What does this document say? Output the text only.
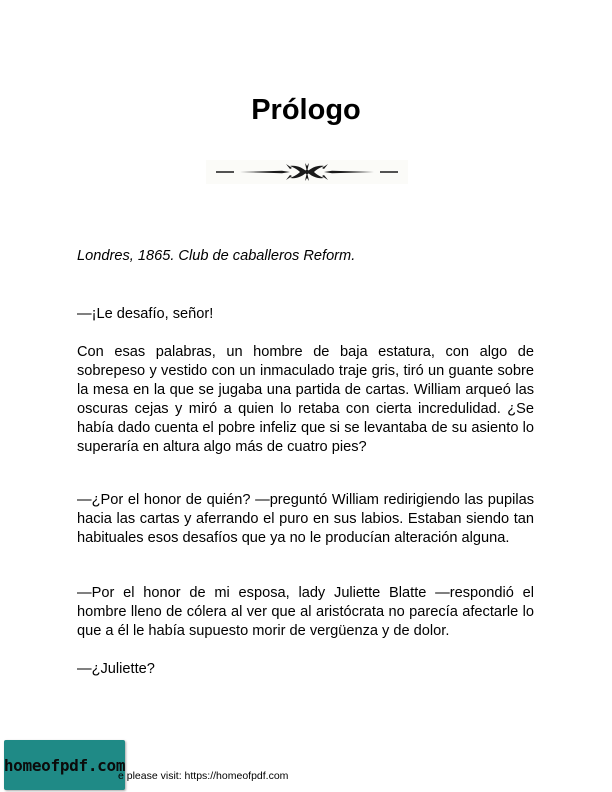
Prólogo

Londres, 1865. Club de caballeros Reform.

—¡Le desafío, señor!

Con esas palabras, un hombre de baja estatura, con algo de sobrepeso y vestido con un inmaculado traje gris, tiró un guante sobre la mesa en la que se jugaba una partida de cartas. William arqueó las oscuras cejas y miró a quien lo retaba con cierta incredulidad. ¿Se había dado cuenta el pobre infeliz que si se levantaba de su asiento lo superaría en altura algo más de cuatro pies?

—¿Por el honor de quién? —preguntó William redirigiendo las pupilas hacia las cartas y aferrando el puro en sus labios. Estaban siendo tan habituales esos desafíos que ya no le producían alteración alguna.

—Por el honor de mi esposa, lady Juliette Blatte —respondió el hombre lleno de cólera al ver que al aristócrata no parecía afectarle lo que a él le había supuesto morir de vergüenza y de dolor.

—¿Juliette?

homeofpdf.com
e please visit: https://homeofpdf.com
